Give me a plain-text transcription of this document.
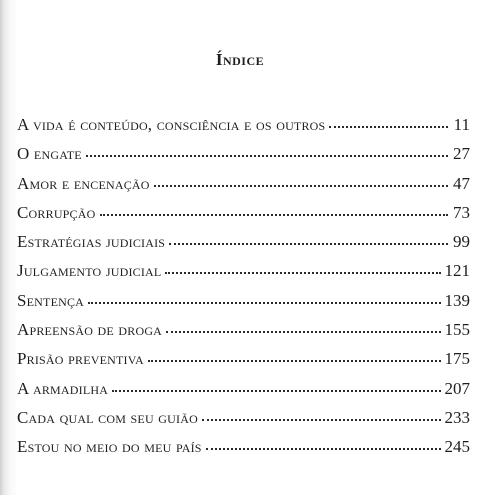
Índice
A vida é conteúdo, consciência e os outros	11
O engate	27
Amor e encenação	47
Corrupção	73
Estratégias judiciais	99
Julgamento judicial	121
Sentença	139
Apreensão de droga	155
Prisão preventiva	175
A armadilha	207
Cada qual com seu guião	233
Estou no meio do meu país	245
